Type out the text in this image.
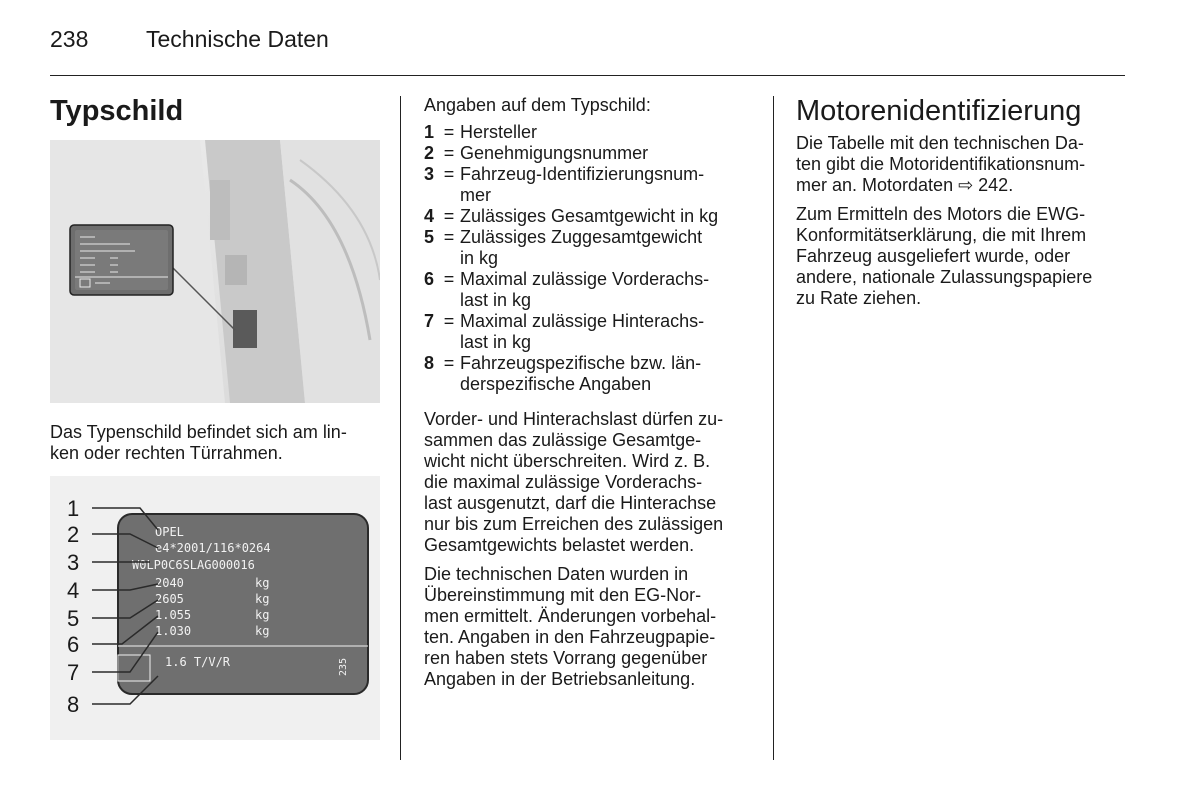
238	Technische Daten
Typschild

Das Typenschild befindet sich am lin-
ken oder rechten Türrahmen.

OPEL
e4*2001/116*0264
W0LP0C6SLAG000016
2040
2605
1.055
1.030
kg
kg
kg
kg
1.6 T/V/R	235
1
2
3
4
5
6
7
8

Angaben auf dem Typschild:

1 = Hersteller
2 = Genehmigungsnummer
3 = Fahrzeug-Identifizierungsnum-
mer
4 = Zulässiges Gesamtgewicht in kg
5 = Zulässiges Zuggesamtgewicht
in kg
6 = Maximal zulässige Vorderachs-
last in kg
7 = Maximal zulässige Hinterachs-
last in kg
8 = Fahrzeugspezifische bzw. län-
derspezifische Angaben

Vorder- und Hinterachslast dürfen zu-
sammen das zulässige Gesamtge-
wicht nicht überschreiten. Wird z. B.
die maximal zulässige Vorderachs-
last ausgenutzt, darf die Hinterachse
nur bis zum Erreichen des zulässigen
Gesamtgewichts belastet werden.

Die technischen Daten wurden in
Übereinstimmung mit den EG-Nor-
men ermittelt. Änderungen vorbehal-
ten. Angaben in den Fahrzeugpapie-
ren haben stets Vorrang gegenüber
Angaben in der Betriebsanleitung.

Motorenidentifizierung

Die Tabelle mit den technischen Da-
ten gibt die Motoridentifikationsnum-
mer an. Motordaten ⇨ 242.

Zum Ermitteln des Motors die EWG-
Konformitätserklärung, die mit Ihrem
Fahrzeug ausgeliefert wurde, oder
andere, nationale Zulassungspapiere
zu Rate ziehen.
